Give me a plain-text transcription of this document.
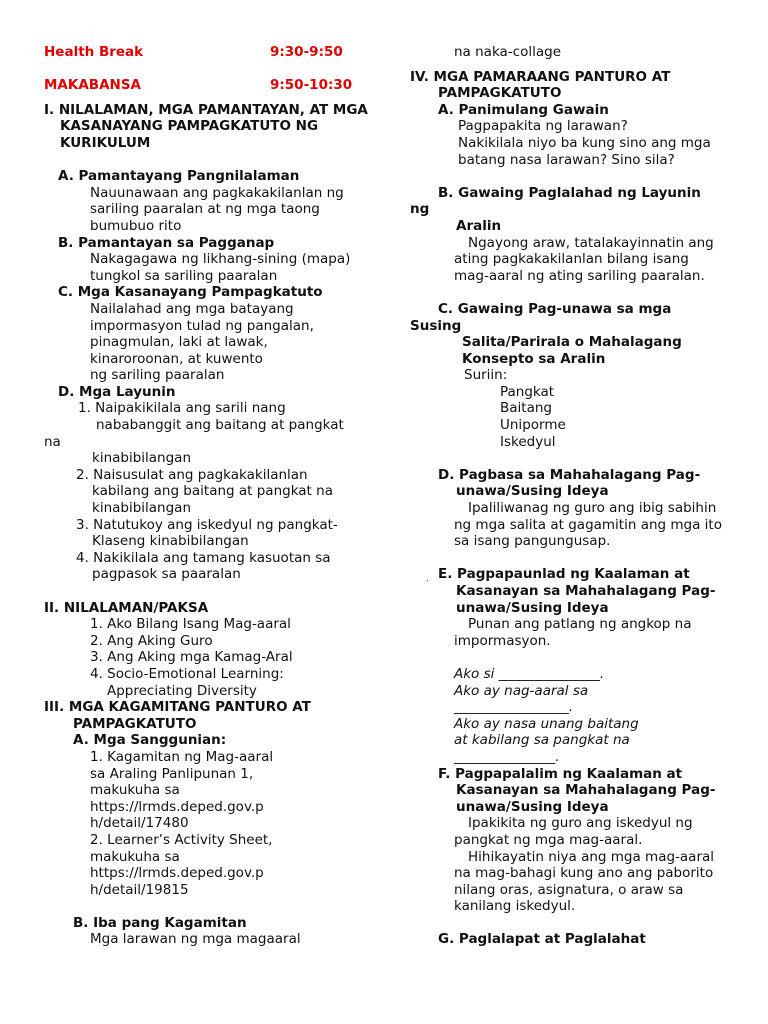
Health Break	9:30-9:50
MAKABANSA	9:50-10:30
I. NILALAMAN, MGA PAMANTAYAN, AT MGA
KASANAYANG PAMPAGKATUTO NG
KURIKULUM
A. Pamantayang Pangnilalaman
Nauunawaan ang pagkakakilanlan ng
sariling paaralan at ng mga taong
bumubuo rito
B. Pamantayan sa Pagganap
Nakagagawa ng likhang-sining (mapa)
tungkol sa sariling paaralan
C. Mga Kasanayang Pampagkatuto
Nailalahad ang mga batayang
impormasyon tulad ng pangalan,
pinagmulan, laki at lawak,
kinaroroonan, at kuwento
ng sariling paaralan
D. Mga Layunin
1. Naipakikilala ang sarili nang
nababanggit ang baitang at pangkat
na
kinabibilangan
2. Naisusulat ang pagkakakilanlan
kabilang ang baitang at pangkat na
kinabibilangan
3. Natutukoy ang iskedyul ng pangkat-
Klaseng kinabibilangan
4. Nakikilala ang tamang kasuotan sa
pagpasok sa paaralan
II. NILALAMAN/PAKSA
1. Ako Bilang Isang Mag-aaral
2. Ang Aking Guro
3. Ang Aking mga Kamag-Aral
4. Socio-Emotional Learning:
Appreciating Diversity
III. MGA KAGAMITANG PANTURO AT
PAMPAGKATUTO
A. Mga Sanggunian:
1. Kagamitan ng Mag-aaral
sa Araling Panlipunan 1,
makukuha sa
https://lrmds.deped.gov.p
h/detail/17480
2. Learner’s Activity Sheet,
makukuha sa
https://lrmds.deped.gov.p
h/detail/19815
B. Iba pang Kagamitan
Mga larawan ng mga magaaral
na naka-collage
IV. MGA PAMARAANG PANTURO AT
PAMPAGKATUTO
A. Panimulang Gawain
Pagpapakita ng larawan?
Nakikilala niyo ba kung sino ang mga
batang nasa larawan? Sino sila?
B. Gawaing Paglalahad ng Layunin
ng
Aralin
Ngayong araw, tatalakayinnatin ang
ating pagkakakilanlan bilang isang
mag-aaral ng ating sariling paaralan.
C. Gawaing Pag-unawa sa mga
Susing
Salita/Parirala o Mahalagang
Konsepto sa Aralin
Suriin:
Pangkat
Baitang
Uniporme
Iskedyul
D. Pagbasa sa Mahahalagang Pag-
unawa/Susing Ideya
Ipaliliwanag ng guro ang ibig sabihin
ng mga salita at gagamitin ang mga ito
sa isang pangungusap.
E. Pagpapaunlad ng Kaalaman at
Kasanayan sa Mahahalagang Pag-
unawa/Susing Ideya
Punan ang patlang ng angkop na
impormasyon.
Ako si _______________.
Ako ay nag-aaral sa
_________________.
Ako ay nasa unang baitang
at kabilang sa pangkat na
_______________.
F. Pagpapalalim ng Kaalaman at
Kasanayan sa Mahahalagang Pag-
unawa/Susing Ideya
Ipakikita ng guro ang iskedyul ng
pangkat ng mga mag-aaral.
Hihikayatin niya ang mga mag-aaral
na mag-bahagi kung ano ang paborito
nilang oras, asignatura, o araw sa
kanilang iskedyul.
G. Paglalapat at Paglalahat
.
